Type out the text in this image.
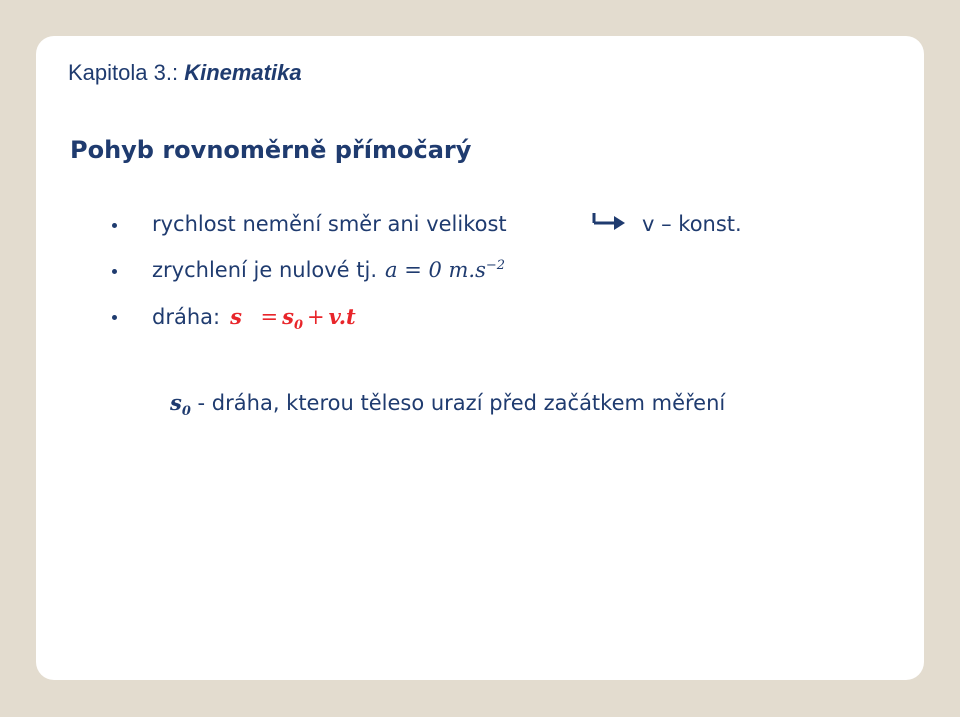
Kapitola 3.: Kinematika
Pohyb rovnoměrně přímočarý
rychlost nemění směr ani velikost	v – konst.
zrychlení je nulové tj. a = 0 $m.s^{-2}$
dráha: $s = s_0 + v.t$
$s_0$ - dráha, kterou těleso urazí před začátkem měření
